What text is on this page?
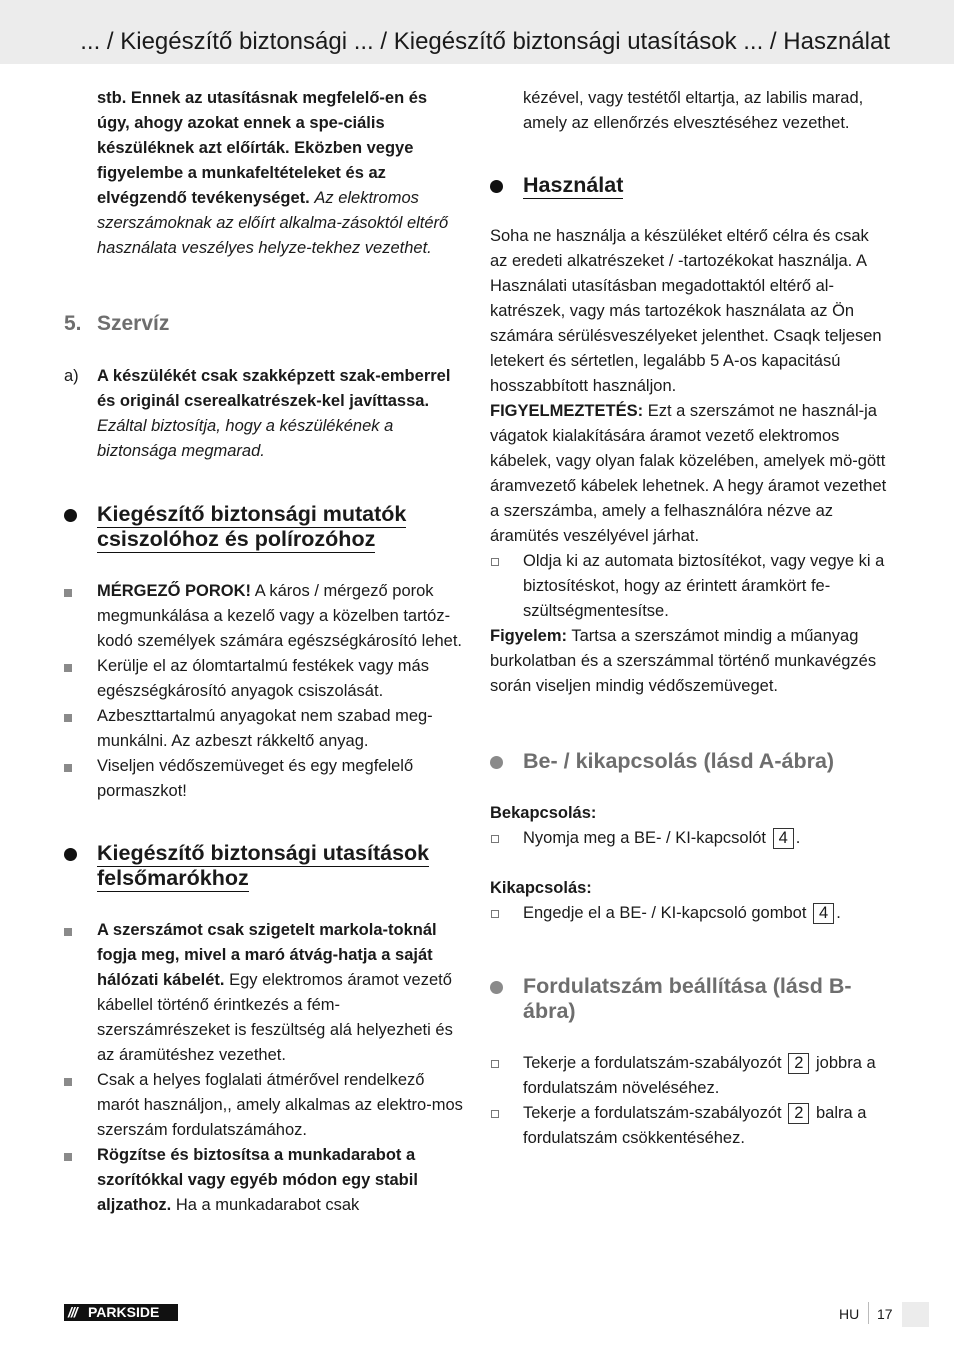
... / Kiegészítő biztonsági ... / Kiegészítő biztonsági utasítások ... / Használat

stb. Ennek az utasításnak megfelelő-en és úgy, ahogy azokat ennek a spe-ciális készüléknek azt előírták. Eközben vegye figyelembe a munkafeltételeket és az elvégzendő tevékenységet. Az elektromos szerszámoknak az előírt alkalma-zásoktól eltérő használata veszélyes helyze-tekhez vezethet.

5. Szervíz

a) A készülékét csak szakképzett szak-emberrel és originál cserealkatrészek-kel javíttassa. Ezáltal biztosítja, hogy a készülékének a biztonsága megmarad.

Kiegészítő biztonsági mutatók csiszolóhoz és polírozóhoz

MÉRGEZŐ POROK! A káros / mérgező porok megmunkálása a kezelő vagy a közelben tartóz-kodó személyek számára egészségkárosító lehet.

Kerülje el az ólomtartalmú festékek vagy más egészségkárosító anyagok csiszolását.

Azbeszttartalmú anyagokat nem szabad meg-munkálni. Az azbeszt rákkeltő anyag.

Viseljen védőszemüveget és egy megfelelő pormaszkot!

Kiegészítő biztonsági utasítások felsőmarókhoz

A szerszámot csak szigetelt markola-toknál fogja meg, mivel a maró átvág-hatja a saját hálózati kábelét. Egy elektromos áramot vezető kábellel történő érintkezés a fém-szerszámrészeket is feszültség alá helyezheti és az áramütéshez vezethet.

Csak a helyes foglalati átmérővel rendelkező marót használjon,, amely alkalmas az elektro-mos szerszám fordulatszámához.

Rögzítse és biztosítsa a munkadarabot a szorítókkal vagy egyéb módon egy stabil aljzathoz. Ha a munkadarabot csak

kézével, vagy testétől eltartja, az labilis marad, amely az ellenőrzés elvesztéséhez vezethet.

Használat

Soha ne használja a készüléket eltérő célra és csak az eredeti alkatrészeket / -tartozékokat használja. A Használati utasításban megadottaktól eltérő al-katrészek, vagy más tartozékok használata az Ön számára sérülésveszélyeket jelenthet. Csaqk teljesen letekert és sértetlen, legalább 5 A-os kapacitású hosszabbított használjon.

FIGYELMEZTETÉS: Ezt a szerszámot ne használ-ja vágatok kialakítására áramot vezető elektromos kábelek, vagy olyan falak közelében, amelyek mö-gött áramvezető kábelek lehetnek. A hegy áramot vezethet a szerszámba, amely a felhasználóra nézve az áramütés veszélyével járhat.

Oldja ki az automata biztosítékot, vagy vegye ki a biztosítéskot, hogy az érintett áramkört fe-szültségmentesítse.

Figyelem: Tartsa a szerszámot mindig a műanyag burkolatban és a szerszámmal történő munkavégzés során viseljen mindig védőszemüveget.

Be- / kikapcsolás (lásd A-ábra)

Bekapcsolás:

Nyomja meg a BE- / KI-kapcsolót 4 .

Kikapcsolás:

Engedje el a BE- / KI-kapcsoló gombot 4 .

Fordulatszám beállítása (lásd B-ábra)

Tekerje a fordulatszám-szabályozót 2 jobbra a fordulatszám növeléséhez.

Tekerje a fordulatszám-szabályozót 2 balra a fordulatszám csökkentéséhez.

/// PARKSIDE	HU 17
